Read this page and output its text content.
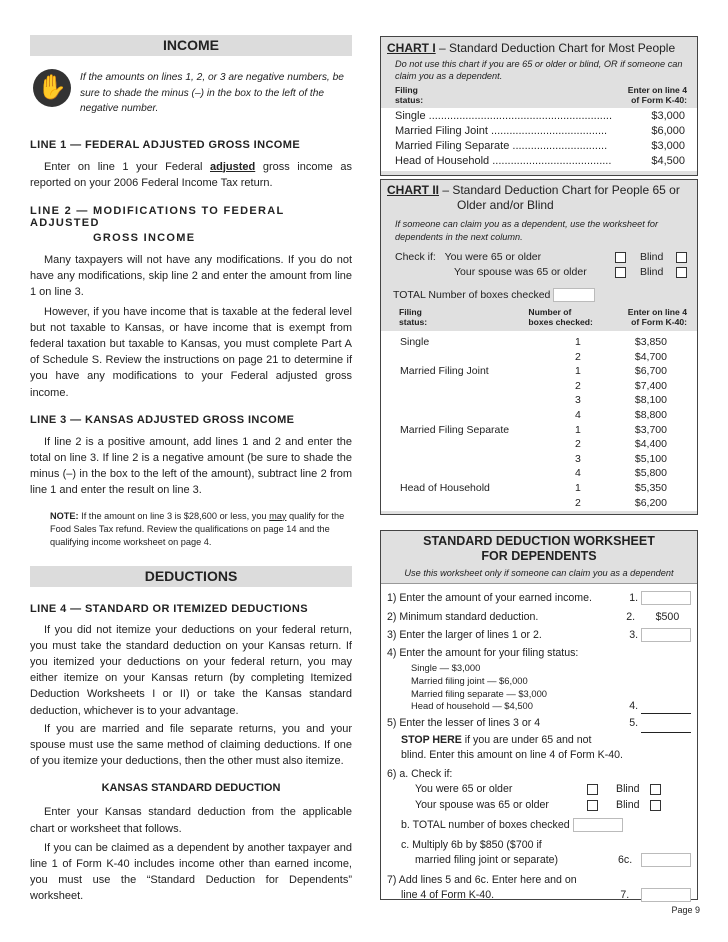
INCOME
✋	If the amounts on lines 1, 2, or 3 are negative numbers, be sure to shade the minus (–) in the box to the left of the negative number.
LINE 1 — FEDERAL ADJUSTED GROSS INCOME
Enter on line 1 your Federal adjusted gross income as reported on your 2006 Federal Income Tax return.
LINE 2 — MODIFICATIONS TO FEDERAL ADJUSTED
GROSS INCOME
Many taxpayers will not have any modifications. If you do not have any modifications, skip line 2 and enter the amount from line 1 on line 3.
However, if you have income that is taxable at the federal level but not taxable to Kansas, or have income that is exempt from federal taxation but taxable to Kansas, you must complete Part A of Schedule S. Review the instructions on page 21 to determine if you have any modifications to your Federal adjusted gross income.
LINE 3 — KANSAS ADJUSTED GROSS INCOME
If line 2 is a positive amount, add lines 1 and 2 and enter the total on line 3. If line 2 is a negative amount (be sure to shade the minus (–) in the box to the left of the amount), subtract line 2 from line 1 and enter the result on line 3.
NOTE: If the amount on line 3 is $28,600 or less, you may qualify for the Food Sales Tax refund. Review the qualifications on page 14 and the qualifying income worksheet on page 4.
DEDUCTIONS
LINE 4 — STANDARD OR ITEMIZED DEDUCTIONS
If you did not itemize your deductions on your federal return, you must take the standard deduction on your Kansas return. If you itemized your deductions on your federal return, you may either itemize on your Kansas return (by completing Itemized Deduction Worksheets I or II) or take the Kansas standard deduction, whichever is to your advantage.
If you are married and file separate returns, you and your spouse must use the same method of claiming deductions. If one of you itemize your deductions, then the other must also itemize.
KANSAS STANDARD DEDUCTION
Enter your Kansas standard deduction from the applicable chart or worksheet that follows.
If you can be claimed as a dependent by another taxpayer and line 1 of Form K-40 includes income other than earned income, you must use the “Standard Deduction for Dependents” worksheet.
CHART I – Standard Deduction Chart for Most People
Do not use this chart if you are 65 or older or blind, OR if someone can claim you as a dependent.
Filing
status:
Enter on line 4
of Form K-40:
Single ............................................................	$3,000
Married Filing Joint ......................................	$6,000
Married Filing Separate ...............................	$3,000
Head of Household .......................................	$4,500
CHART II – Standard Deduction Chart for People 65 or
Older and/or Blind
If someone can claim you as a dependent, use the worksheet for dependents in the next column.
Check if: You were 65 or older	Blind
Your spouse was 65 or older	Blind
TOTAL Number of boxes checked
Filing
status:
Number of
boxes checked:
Enter on line 4
of Form K-40:
Single	1	$3,850
2	$4,700
Married Filing Joint	1	$6,700
2	$7,400
3	$8,100
4	$8,800
Married Filing Separate	1	$3,700
2	$4,400
3	$5,100
4	$5,800
Head of Household	1	$5,350
2	$6,200
STANDARD DEDUCTION WORKSHEET
FOR DEPENDENTS
Use this worksheet only if someone can claim you as a dependent
1) Enter the amount of your earned income.	1.
2) Minimum standard deduction.	2. $500
3) Enter the larger of lines 1 or 2.	3.
4) Enter the amount for your filing status:
Single — $3,000
Married filing joint — $6,000
Married filing separate — $3,000
Head of household — $4,500	4.
5) Enter the lesser of lines 3 or 4	5.
STOP HERE if you are under 65 and not
blind. Enter this amount on line 4 of Form K-40.
6) a. Check if:
You were 65 or older	Blind
Your spouse was 65 or older	Blind
b. TOTAL number of boxes checked
c. Multiply 6b by $850 ($700 if
married filing joint or separate)	6c.
7) Add lines 5 and 6c. Enter here and on
line 4 of Form K-40.	7.
Page 9
